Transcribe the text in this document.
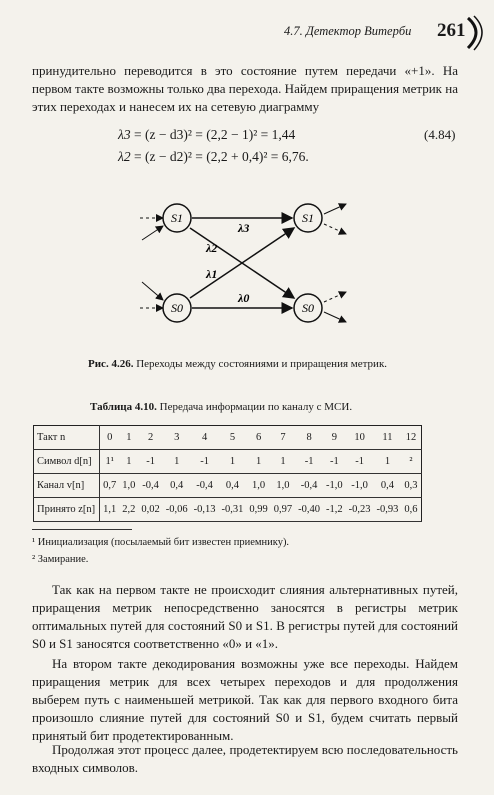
4.7. Детектор Витерби 261
принудительно переводится в это состояние путем передачи «+1». На первом такте возможны только два перехода. Найдем приращения метрик на этих переходах и нанесем их на сетевую диаграмму
λ3 = (z − d3)² = (2,2 − 1)² = 1,44
λ2 = (z − d2)² = (2,2 + 0,4)² = 6,76.
(4.84)
S1	S1
S0	S0
λ3
λ2
λ1
λ0
Рис. 4.26. Переходы между состояниями и приращения метрик.
Таблица 4.10. Передача информации по каналу с МСИ.
Такт n	0	1	2	3	4	5	6	7	8	9	10	11	12
Символ d[n]	1¹	1	-1	1	-1	1	1	1	-1	-1	-1	1	²
Канал v[n]	0,7	1,0	-0,4	0,4	-0,4	0,4	1,0	1,0	-0,4	-1,0	-1,0	0,4	0,3
Принято z[n]	1,1	2,2	0,02	-0,06	-0,13	-0,31	0,99	0,97	-0,40	-1,2	-0,23	-0,93	0,6
¹ Инициализация (посылаемый бит известен приемнику).
² Замирание.
Так как на первом такте не происходит слияния альтернативных путей, приращения метрик непосредственно заносятся в регистры метрик оптимальных путей для состояний S0 и S1. В регистры путей для состояний S0 и S1 заносятся соответственно «0» и «1».
На втором такте декодирования возможны уже все переходы. Найдем приращения метрик для всех четырех переходов и для продолжения выберем путь с наименьшей метрикой. Так как для первого входного бита произошло слияние путей для состояний S0 и S1, будем считать первый принятый бит продетектированным.
Продолжая этот процесс далее, продетектируем всю последовательность входных символов.
